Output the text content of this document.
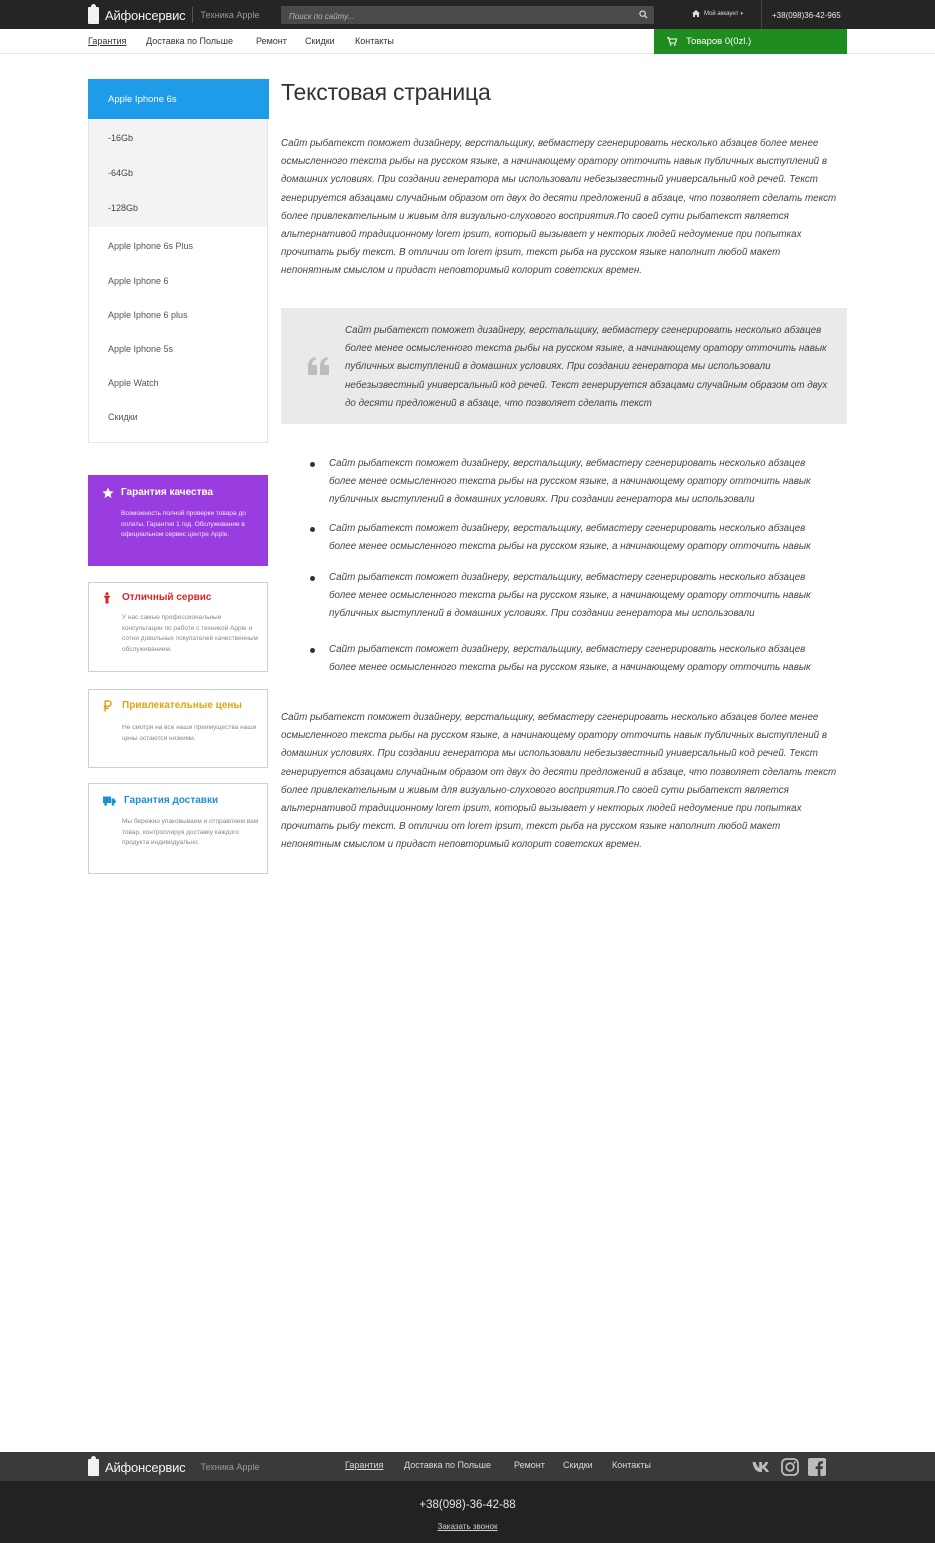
Айфонсервис Техника Apple
Поиск по сайту...	Мой аккаунт ▾	+38(098)36-42-965
Гарантия Доставка по Польше	Ремонт Скидки Контакты	Товаров 0(0zl.)
Apple Iphone 6s
-16Gb
-64Gb
-128Gb
Apple Iphone 6s Plus
Apple Iphone 6
Apple Iphone 6 plus
Apple Iphone 5s
Apple Watch
Скидки
Гарантия качества
Возможность полной проверки товара до оплаты. Гарантия 1 год. Обслуживание в официальном сервис центре Apple.
Отличный сервис
У нас самые профессиональные консультации по работе с техникой Apple и сотни довольных покупателей качественным обслуживанием.
Привлекательные цены
Не смотря на все наши преимущества наши цены остаются низкими.
Гарантия доставки
Мы бережно упаковываем и отправляем вам товар, контроллируя доставку каждого продукта индивидуально.
Текстовая страница

Сайт рыбатекст поможет дизайнеру, верстальщику, вебмастеру сгенерировать несколько абзацев более менее осмысленного текста рыбы на русском языке, а начинающему оратору отточить навык публичных выступлений в домашних условиях. При создании генератора мы использовали небезызвестный универсальный код речей. Текст генерируется абзацами случайным образом от двух до десяти предложений в абзаце, что позволяет сделать текст более привлекательным и живым для визуально-слухового восприятия.По своей сути рыбатекст является альтернативой традиционному lorem ipsum, который вызывает у некторых людей недоумение при попытках прочитать рыбу текст. В отличии от lorem ipsum, текст рыба на русском языке наполнит любой макет непонятным смыслом и придаст неповторимый колорит советских времен.

Сайт рыбатекст поможет дизайнеру, верстальщику, вебмастеру сгенерировать несколько абзацев более менее осмысленного текста рыбы на русском языке, а начинающему оратору отточить навык публичных выступлений в домашних условиях. При создании генератора мы использовали небезызвестный универсальный код речей. Текст генерируется абзацами случайным образом от двух до десяти предложений в абзаце, что позволяет сделать текст

Сайт рыбатекст поможет дизайнеру, верстальщику, вебмастеру сгенерировать несколько абзацев более менее осмысленного текста рыбы на русском языке, а начинающему оратору отточить навык публичных выступлений в домашних условиях. При создании генератора мы использовали

Сайт рыбатекст поможет дизайнеру, верстальщику, вебмастеру сгенерировать несколько абзацев более менее осмысленного текста рыбы на русском языке, а начинающему оратору отточить навык

Сайт рыбатекст поможет дизайнеру, верстальщику, вебмастеру сгенерировать несколько абзацев более менее осмысленного текста рыбы на русском языке, а начинающему оратору отточить навык публичных выступлений в домашних условиях. При создании генератора мы использовали

Сайт рыбатекст поможет дизайнеру, верстальщику, вебмастеру сгенерировать несколько абзацев более менее осмысленного текста рыбы на русском языке, а начинающему оратору отточить навык

Сайт рыбатекст поможет дизайнеру, верстальщику, вебмастеру сгенерировать несколько абзацев более менее осмысленного текста рыбы на русском языке, а начинающему оратору отточить навык публичных выступлений в домашних условиях. При создании генератора мы использовали небезызвестный универсальный код речей. Текст генерируется абзацами случайным образом от двух до десяти предложений в абзаце, что позволяет сделать текст более привлекательным и живым для визуально-слухового восприятия.По своей сути рыбатекст является альтернативой традиционному lorem ipsum, который вызывает у некторых людей недоумение при попытках прочитать рыбу текст. В отличии от lorem ipsum, текст рыба на русском языке наполнит любой макет непонятным смыслом и придаст неповторимый колорит советских времен.

Айфонсервис Техника Apple	Гарантия Доставка по Польше	Ремонт Скидки Контакты
+38(098)-36-42-88
Заказать звонок
